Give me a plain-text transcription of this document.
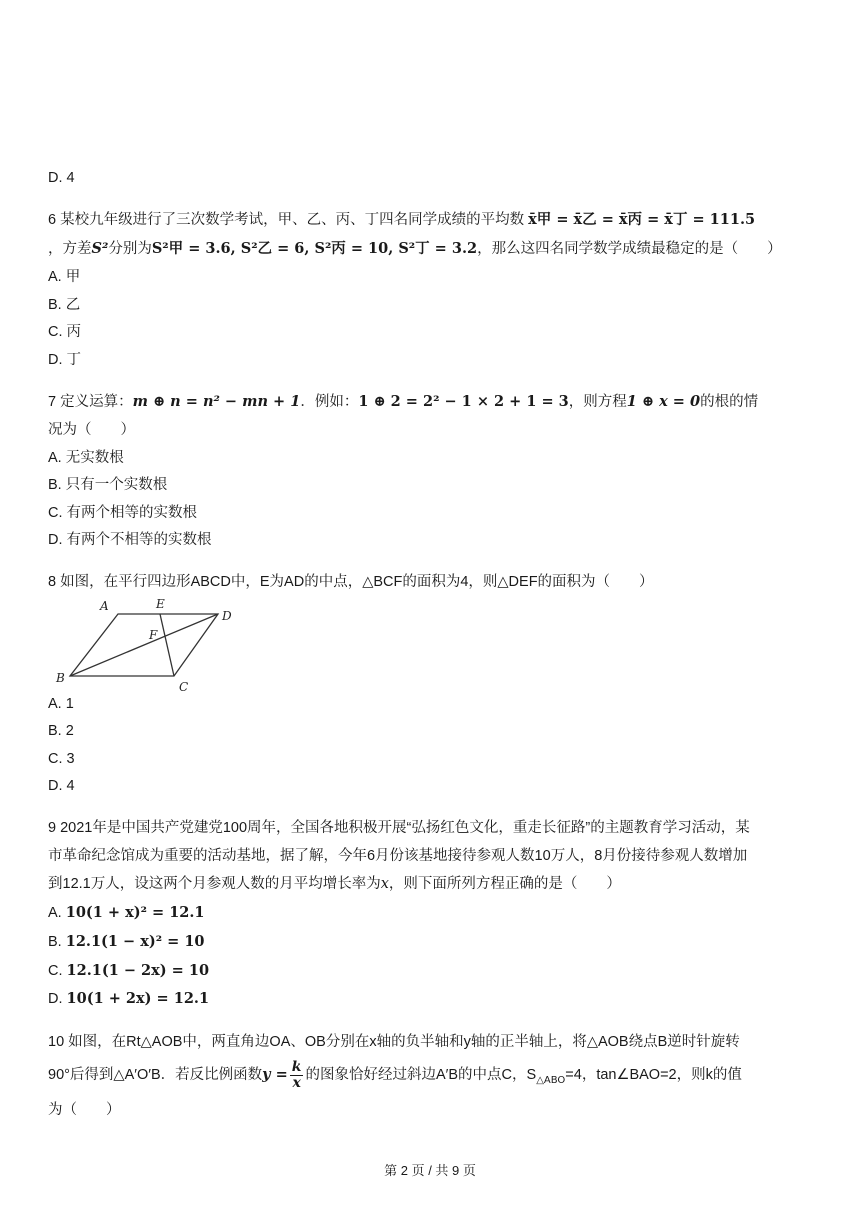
D. 4
6 某校九年级进行了三次数学考试，甲、乙、丙、丁四名同学成绩的平均数 x̄甲 = x̄乙 = x̄丙 = x̄丁 = 111.5
，方差S²分别为S²甲 = 3.6, S²乙 = 6, S²丙 = 10, S²丁 = 3.2，那么这四名同学数学成绩最稳定的是（　　）
A. 甲
B. 乙
C. 丙
D. 丁
7 定义运算：m ⊕ n = n² − mn + 1．例如：1 ⊕ 2 = 2² − 1 × 2 + 1 = 3，则方程1 ⊕ x = 0的根的情
况为（　　）
A. 无实数根
B. 只有一个实数根
C. 有两个相等的实数根
D. 有两个不相等的实数根
8 如图，在平行四边形ABCD中，E为AD的中点，△BCF的面积为4，则△DEF的面积为（　　）
A	E
D
F
B
C
A. 1
B. 2
C. 3
D. 4
9 2021年是中国共产党建党100周年，全国各地积极开展“弘扬红色文化，重走长征路”的主题教育学习活动，某
市革命纪念馆成为重要的活动基地，据了解，今年6月份该基地接待参观人数10万人，8月份接待参观人数增加
到12.1万人，设这两个月参观人数的月平均增长率为x，则下面所列方程正确的是（　　）
A. 10(1 + x)² = 12.1
B. 12.1(1 − x)² = 10
C. 12.1(1 − 2x) = 10
D. 10(1 + 2x) = 12.1
10 如图，在Rt△AOB中，两直角边OA、OB分别在x轴的负半轴和y轴的正半轴上，将△AOB绕点B逆时针旋转
90°后得到△A′O′B．若反比例函数$y = \frac{k}{x}$ 的图象恰好经过斜边A′B的中点C，$S_{\triangle ABO}=4$，tan∠BAO=2，则k的值
为（　　）
第 2 页 / 共 9 页
